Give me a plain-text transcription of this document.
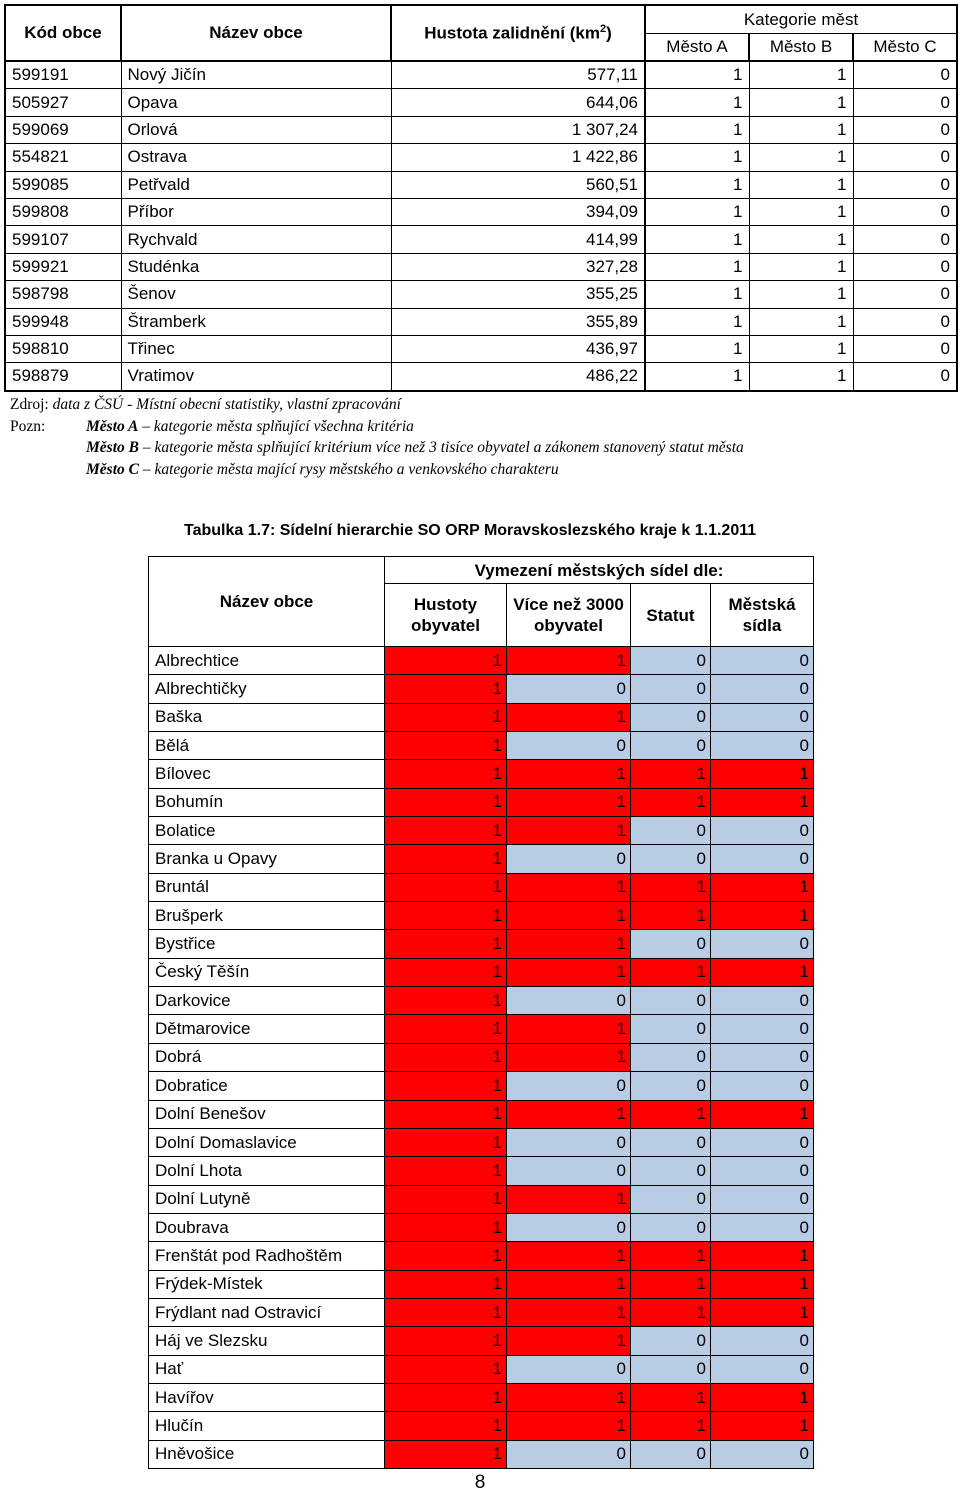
Kód obce	Název obce	Hustota zalidnění $(km^2)$	Kategorie měst		
			Město A	Město B	Město C
599191	Nový Jičín	577,11	1	1	0
505927	Opava	644,06	1	1	0
599069	Orlová	1 307,24	1	1	0
554821	Ostrava	1 422,86	1	1	0
599085	Petřvald	560,51	1	1	0
599808	Příbor	394,09	1	1	0
599107	Rychvald	414,99	1	1	0
599921	Studénka	327,28	1	1	0
598798	Šenov	355,25	1	1	0
599948	Štramberk	355,89	1	1	0
598810	Třinec	436,97	1	1	0
598879	Vratimov	486,22	1	1	0
Zdroj: data z ČSÚ - Místní obecní statistiky, vlastní zpracování
Pozn:	Město A – kategorie města splňující všechna kritéria
Město B – kategorie města splňující kritérium více než 3 tisíce obyvatel a zákonem stanovený statut města
Město C – kategorie města mající rysy městského a venkovského charakteru
Tabulka 1.7: Sídelní hierarchie SO ORP Moravskoslezského kraje k 1.1.2011
Název obce	Vymezení městských sídel dle:			
	Hustoty obyvatel	Více než 3000 obyvatel	Statut	Městská sídla
Albrechtice	1	1	0	0
Albrechtičky	1	0	0	0
Baška	1	1	0	0
Bělá	1	0	0	0
Bílovec	1	1	1	1
Bohumín	1	1	1	1
Bolatice	1	1	0	0
Branka u Opavy	1	0	0	0
Bruntál	1	1	1	1
Brušperk	1	1	1	1
Bystřice	1	1	0	0
Český Těšín	1	1	1	1
Darkovice	1	0	0	0
Dětmarovice	1	1	0	0
Dobrá	1	1	0	0
Dobratice	1	0	0	0
Dolní Benešov	1	1	1	1
Dolní Domaslavice	1	0	0	0
Dolní Lhota	1	0	0	0
Dolní Lutyně	1	1	0	0
Doubrava	1	0	0	0
Frenštát pod Radhoštěm	1	1	1	1
Frýdek-Místek	1	1	1	1
Frýdlant nad Ostravicí	1	1	1	1
Háj ve Slezsku	1	1	0	0
Hať	1	0	0	0
Havířov	1	1	1	1
Hlučín	1	1	1	1
Hněvošice	1	0	0	0
8
